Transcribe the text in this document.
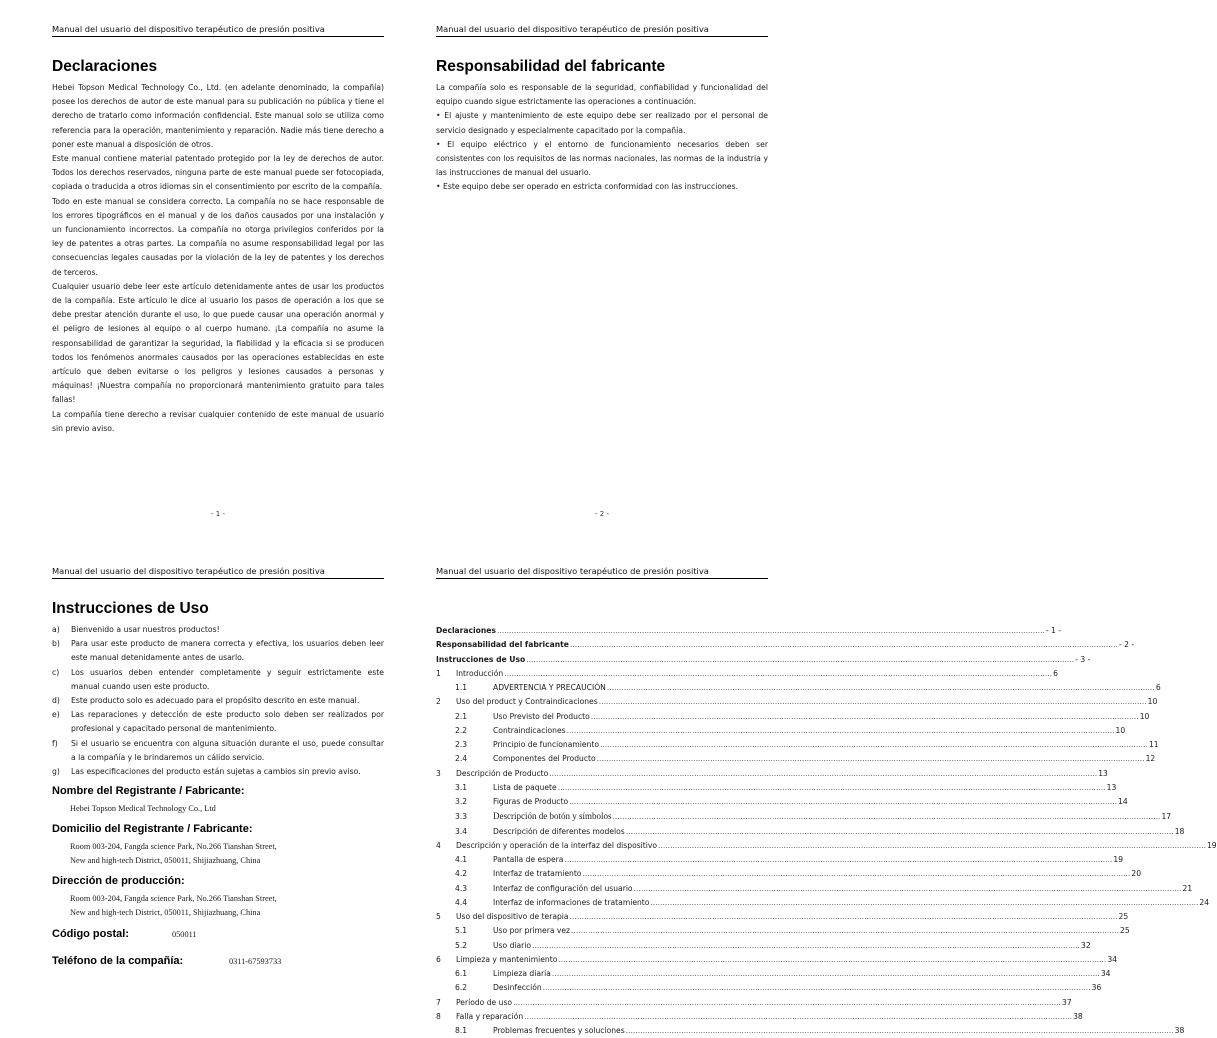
Manual del usuario del dispositivo terapéutico de presión positiva
Declaraciones

Hebei Topson Medical Technology Co., Ltd. (en adelante denominado, la compañía) posee los derechos de autor de este manual para su publicación no pública y tiene el derecho de tratarlo como información confidencial. Este manual solo se utiliza como referencia para la operación, mantenimiento y reparación. Nadie más tiene derecho a poner este manual a disposición de otros.

Este manual contiene material patentado protegido por la ley de derechos de autor. Todos los derechos reservados, ninguna parte de este manual puede ser fotocopiada, copiada o traducida a otros idiomas sin el consentimiento por escrito de la compañía.

Todo en este manual se considera correcto. La compañía no se hace responsable de los errores tipográficos en el manual y de los daños causados por una instalación y un funcionamiento incorrectos. La compañía no otorga privilegios conferidos por la ley de patentes a otras partes. La compañía no asume responsabilidad legal por las consecuencias legales causadas por la violación de la ley de patentes y los derechos de terceros.

Cualquier usuario debe leer este artículo detenidamente antes de usar los productos de la compañía. Este artículo le dice al usuario los pasos de operación a los que se debe prestar atención durante el uso, lo que puede causar una operación anormal y el peligro de lesiones al equipo o al cuerpo humano. ¡La compañía no asume la responsabilidad de garantizar la seguridad, la fiabilidad y la eficacia si se producen todos los fenómenos anormales causados por las operaciones establecidas en este artículo que deben evitarse o los peligros y lesiones causados a personas y máquinas! ¡Nuestra compañía no proporcionará mantenimiento gratuito para tales fallas!

La compañía tiene derecho a revisar cualquier contenido de este manual de usuario sin previo aviso.

- 1 -
Manual del usuario del dispositivo terapéutico de presión positiva
Responsabilidad del fabricante

La compañía solo es responsable de la seguridad, confiabilidad y funcionalidad del equipo cuando sigue estrictamente las operaciones a continuación.

• El ajuste y mantenimiento de este equipo debe ser realizado por el personal de servicio designado y especialmente capacitado por la compañía.

• El equipo eléctrico y el entorno de funcionamiento necesarios deben ser consistentes con los requisitos de las normas nacionales, las normas de la industria y las instrucciones de manual del usuario.

• Este equipo debe ser operado en estricta conformidad con las instrucciones.

- 2 -
Manual del usuario del dispositivo terapéutico de presión positiva
Instrucciones de Uso
a)	Bienvenido a usar nuestros productos!
b)	Para usar este producto de manera correcta y efectiva, los usuarios deben leer este manual detenidamente antes de usarlo.
c)	Los usuarios deben entender completamente y seguir estrictamente este manual cuando usen este producto.
d)	Este producto solo es adecuado para el propósito descrito en este manual.
e)	Las reparaciones y detección de este producto solo deben ser realizados por profesional y capacitado personal de mantenimiento.
f)	Si el usuario se encuentra con alguna situación durante el uso, puede consultar a la compañía y le brindaremos un cálido servicio.
g)	Las especificaciones del producto están sujetas a cambios sin previo aviso.
Nombre del Registrante / Fabricante:
Hebei Topson Medical Technology Co., Ltd
Domicilio del Registrante / Fabricante:
Room 003-204, Fangda science Park, No.266 Tianshan Street,
New and high-tech District, 050011, Shijiazhuang, China
Dirección de producción:
Room 003-204, Fangda science Park, No.266 Tianshan Street,
New and high-tech District, 050011, Shijiazhuang, China
Código postal:	050011
Teléfono de la compañía:	0311-67593733
Manual del usuario del dispositivo terapéutico de presión positiva
Declaraciones .....	- 1 -
Responsabilidad del fabricante .....	- 2 -
Instrucciones de Uso .....	- 3 -
1	Introducción .....	6
1.1	ADVERTENCIA Y PRECAUCIÓN .....	6
2	Uso del product y Contraindicaciones .....	10
2.1	Uso Previsto del Producto .....	10
2.2	Contraindicaciones .....	10
2.3	Principio de funcionamiento .....	11
2.4	Componentes del Producto .....	12
3	Descripción de Producto .....	13
3.1	Lista de paquete .....	13
3.2	Figuras de Producto .....	14
3.3	Descripción de botón y símbolos .....	17
3.4	Descripción de diferentes modelos .....	18
4	Descripción y operación de la interfaz del dispositivo .....	19
4.1	Pantalla de espera .....	19
4.2	Interfaz de tratamiento .....	20
4.3	Interfaz de configuración del usuario .....	21
4.4	Interfaz de informaciones de tratamiento .....	24
5	Uso del dispositivo de terapia .....	25
5.1	Uso por primera vez .....	25
5.2	Uso diario .....	32
6	Limpieza y mantenimiento .....	34
6.1	Limpieza diaria .....	34
6.2	Desinfección .....	36
7	Período de uso .....	37
8	Falla y reparación .....	38
8.1	Problemas frecuentes y soluciones .....	38
